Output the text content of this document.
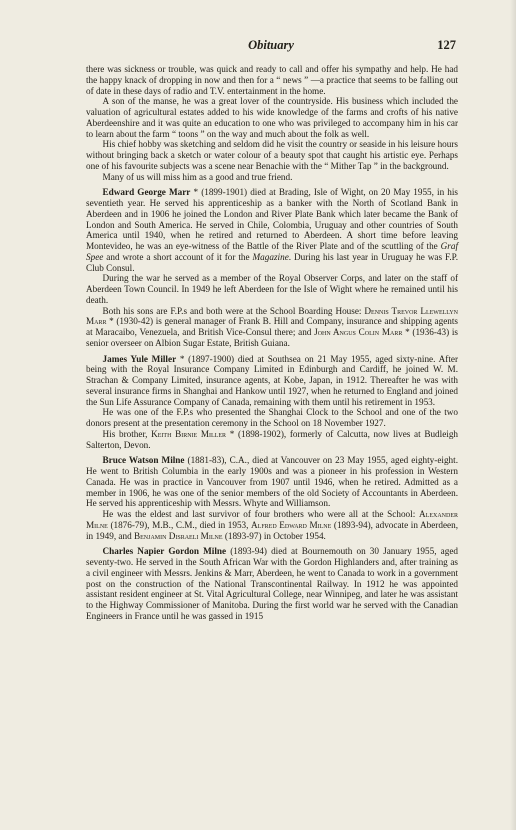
Obituary	127

there was sickness or trouble, was quick and ready to call and offer his sympathy and help. He had the happy knack of dropping in now and then for a “ news ” —a practice that seems to be falling out of date in these days of radio and T.V. entertainment in the home.

A son of the manse, he was a great lover of the countryside. His business which included the valuation of agricultural estates added to his wide knowledge of the farms and crofts of his native Aberdeenshire and it was quite an education to one who was privileged to accompany him in his car to learn about the farm “ toons ” on the way and much about the folk as well.

His chief hobby was sketching and seldom did he visit the country or seaside in his leisure hours without bringing back a sketch or water colour of a beauty spot that caught his artistic eye. Perhaps one of his favourite subjects was a scene near Benachie with the “ Mither Tap ” in the background.

Many of us will miss him as a good and true friend.

Edward George Marr * (1899-1901) died at Brading, Isle of Wight, on 20 May 1955, in his seventieth year. He served his apprenticeship as a banker with the North of Scotland Bank in Aberdeen and in 1906 he joined the London and River Plate Bank which later became the Bank of London and South America. He served in Chile, Colombia, Uruguay and other countries of South America until 1940, when he retired and returned to Aberdeen. A short time before leaving Montevideo, he was an eye-witness of the Battle of the River Plate and of the scuttling of the Graf Spee and wrote a short account of it for the Magazine. During his last year in Uruguay he was F.P. Club Consul.

During the war he served as a member of the Royal Observer Corps, and later on the staff of Aberdeen Town Council. In 1949 he left Aberdeen for the Isle of Wight where he remained until his death.

Both his sons are F.P.s and both were at the School Boarding House: Dennis Trevor Llewellyn Marr * (1930-42) is general manager of Frank B. Hill and Company, insurance and shipping agents at Maracaibo, Venezuela, and British Vice-Consul there; and John Angus Colin Marr * (1936-43) is senior overseer on Albion Sugar Estate, British Guiana.

James Yule Miller * (1897-1900) died at Southsea on 21 May 1955, aged sixty-nine. After being with the Royal Insurance Company Limited in Edinburgh and Cardiff, he joined W. M. Strachan & Company Limited, insurance agents, at Kobe, Japan, in 1912. Thereafter he was with several insurance firms in Shanghai and Hankow until 1927, when he returned to England and joined the Sun Life Assurance Company of Canada, remaining with them until his retirement in 1953.

He was one of the F.P.s who presented the Shanghai Clock to the School and one of the two donors present at the presentation ceremony in the School on 18 November 1927.

His brother, Keith Birnie Miller * (1898-1902), formerly of Calcutta, now lives at Budleigh Salterton, Devon.

Bruce Watson Milne (1881-83), C.A., died at Vancouver on 23 May 1955, aged eighty-eight. He went to British Columbia in the early 1900s and was a pioneer in his profession in Western Canada. He was in practice in Vancouver from 1907 until 1946, when he retired. Admitted as a member in 1906, he was one of the senior members of the old Society of Accountants in Aberdeen. He served his apprenticeship with Messrs. Whyte and Williamson.

He was the eldest and last survivor of four brothers who were all at the School: Alexander Milne (1876-79), M.B., C.M., died in 1953, Alfred Edward Milne (1893-94), advocate in Aberdeen, in 1949, and Benjamin Disraeli Milne (1893-97) in October 1954.

Charles Napier Gordon Milne (1893-94) died at Bournemouth on 30 January 1955, aged seventy-two. He served in the South African War with the Gordon Highlanders and, after training as a civil engineer with Messrs. Jenkins & Marr, Aberdeen, he went to Canada to work in a government post on the construction of the National Transcontinental Railway. In 1912 he was appointed assistant resident engineer at St. Vital Agricultural College, near Winnipeg, and later he was assistant to the Highway Commissioner of Manitoba. During the first world war he served with the Canadian Engineers in France until he was gassed in 1915
